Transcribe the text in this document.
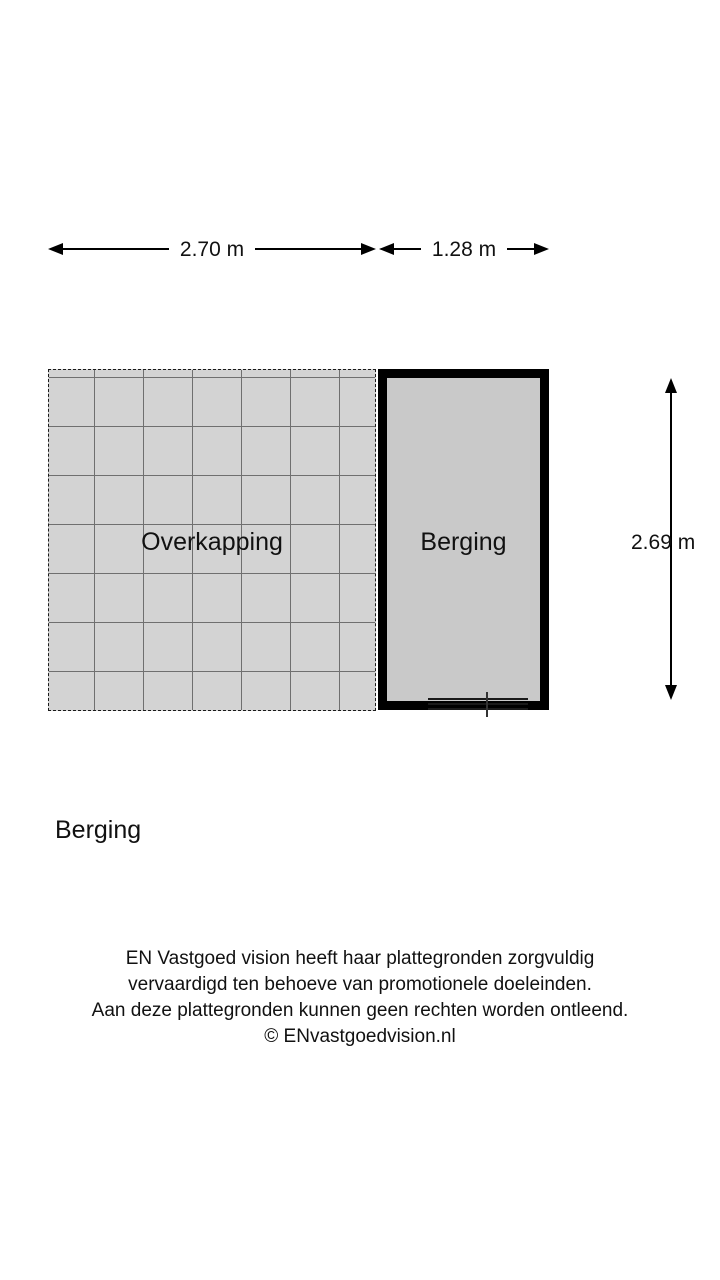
2.70 m	1.28 m
Overkapping	Berging	2.69 m
Berging
EN Vastgoed vision heeft haar plattegronden zorgvuldig
vervaardigd ten behoeve van promotionele doeleinden.
Aan deze plattegronden kunnen geen rechten worden ontleend.
© ENvastgoedvision.nl
